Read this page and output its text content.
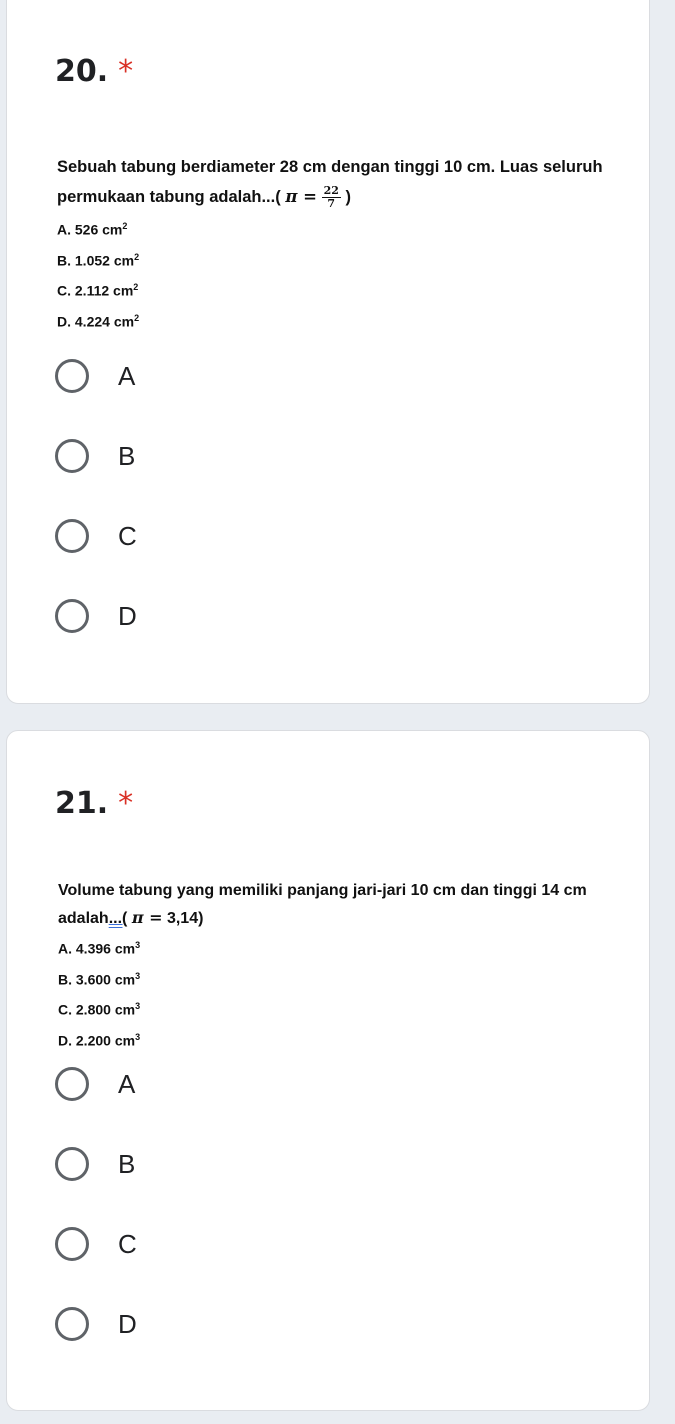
20. *

Sebuah tabung berdiameter 28 cm dengan tinggi 10 cm. Luas seluruh

permukaan tabung adalah...( $\pi = \frac{22}{7}$ )

A. 526 $cm^2$

B. 1.052 $cm^2$

C. 2.112 $cm^2$

D. 4.224 $cm^2$

A
B
C
D
21. *

Volume tabung yang memiliki panjang jari-jari 10 cm dan tinggi 14 cm

adalah...( π = 3,14)

A. 4.396 $cm^3$

B. 3.600 $cm^3$

C. 2.800 $cm^3$

D. 2.200 $cm^3$

A
B
C
D
